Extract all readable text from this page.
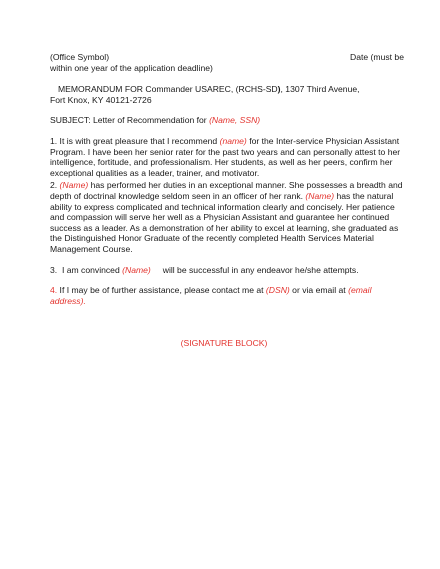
(Office Symbol)	Date (must be
within one year of the application deadline)
MEMORANDUM FOR Commander USAREC, (RCHS-SD), 1307 Third Avenue,
Fort Knox, KY 40121-2726
SUBJECT: Letter of Recommendation for (Name, SSN)
1. It is with great pleasure that I recommend (name) for the Inter-service Physician Assistant Program. I have been her senior rater for the past two years and can personally attest to her intelligence, fortitude, and professionalism. Her students, as well as her peers, confirm her exceptional qualities as a leader, trainer, and motivator.
2. (Name) has performed her duties in an exceptional manner. She possesses a breadth and depth of doctrinal knowledge seldom seen in an officer of her rank. (Name) has the natural ability to express complicated and technical information clearly and concisely. Her patience and compassion will serve her well as a Physician Assistant and guarantee her continued success as a leader. As a demonstration of her ability to excel at learning, she graduated as the Distinguished Honor Graduate of the recently completed Health Services Material Management Course.
3.  I am convinced (Name)     will be successful in any endeavor he/she attempts.
4. If I may be of further assistance, please contact me at (DSN) or via email at (email address).
(SIGNATURE BLOCK)
